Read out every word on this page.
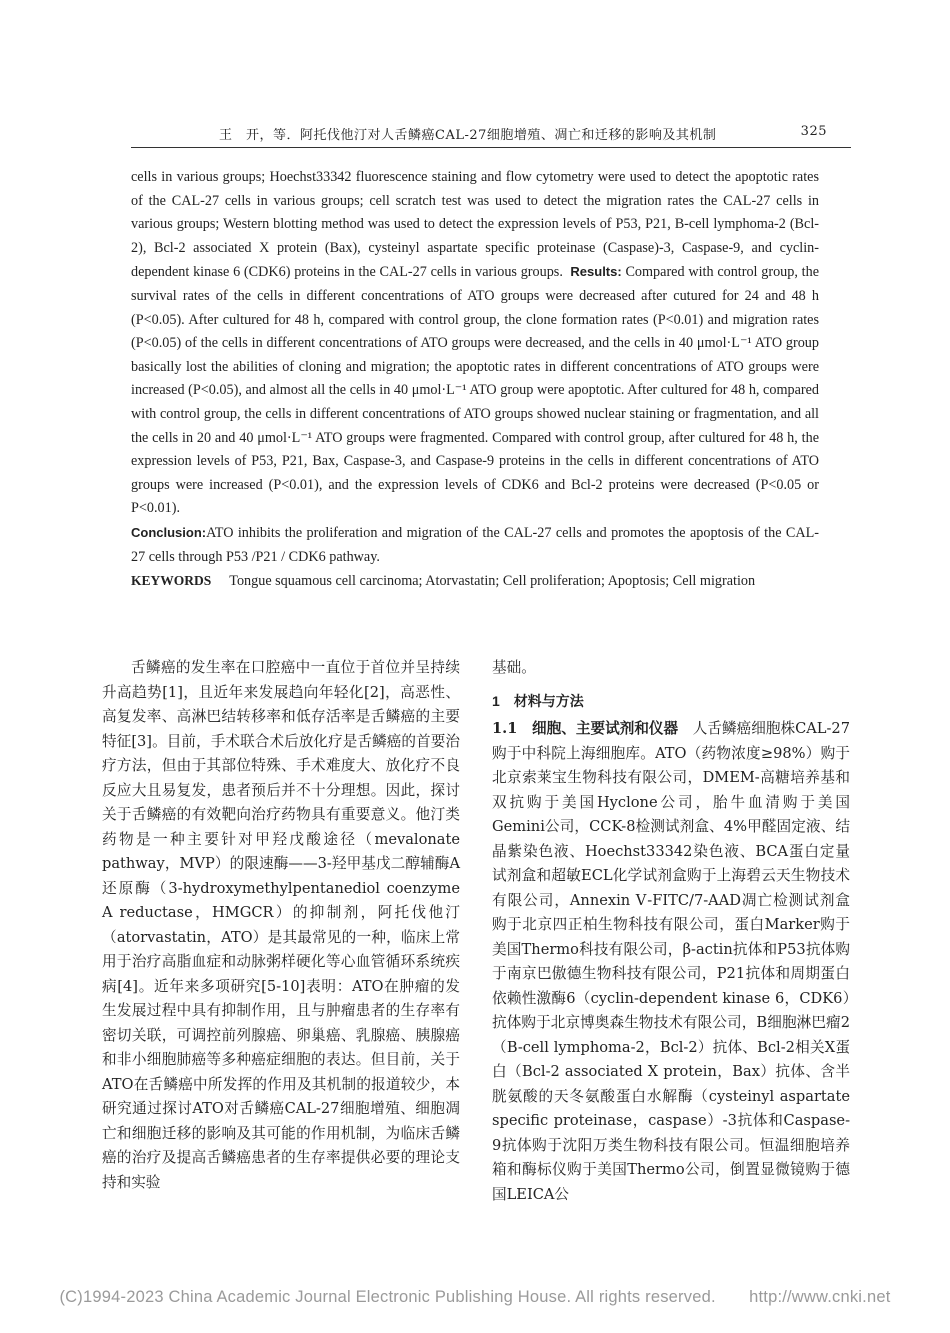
王　开，等．阿托伐他汀对人舌鳞癌CAL-27细胞增殖、凋亡和迁移的影响及其机制	325

cells in various groups; Hoechst33342 fluorescence staining and flow cytometry were used to detect the apoptotic rates of the CAL-27 cells in various groups; cell scratch test was used to detect the migration rates the CAL-27 cells in various groups; Western blotting method was used to detect the expression levels of P53, P21, B-cell lymphoma-2 (Bcl-2), Bcl-2 associated X protein (Bax), cysteinyl aspartate specific proteinase (Caspase)-3, Caspase-9, and cyclin-dependent kinase 6 (CDK6) proteins in the CAL-27 cells in various groups. Results: Compared with control group, the survival rates of the cells in different concentrations of ATO groups were decreased after cutured for 24 and 48 h (P<0.05). After cultured for 48 h, compared with control group, the clone formation rates (P<0.01) and migration rates (P<0.05) of the cells in different concentrations of ATO groups were decreased, and the cells in 40 μmol·L⁻¹ ATO group basically lost the abilities of cloning and migration; the apoptotic rates in different concentrations of ATO groups were increased (P<0.05), and almost all the cells in 40 μmol·L⁻¹ ATO group were apoptotic. After cultured for 48 h, compared with control group, the cells in different concentrations of ATO groups showed nuclear staining or fragmentation, and all the cells in 20 and 40 μmol·L⁻¹ ATO groups were fragmented. Compared with control group, after cultured for 48 h, the expression levels of P53, P21, Bax, Caspase-3, and Caspase-9 proteins in the cells in different concentrations of ATO groups were increased (P<0.01), and the expression levels of CDK6 and Bcl-2 proteins were decreased (P<0.05 or P<0.01).

Conclusion:ATO inhibits the proliferation and migration of the CAL-27 cells and promotes the apoptosis of the CAL-27 cells through P53 /P21 / CDK6 pathway.

KEYWORDS Tongue squamous cell carcinoma; Atorvastatin; Cell proliferation; Apoptosis; Cell migration

舌鳞癌的发生率在口腔癌中一直位于首位并呈持续升高趋势[1]，且近年来发展趋向年轻化[2]，高恶性、高复发率、高淋巴结转移率和低存活率是舌鳞癌的主要特征[3]。目前，手术联合术后放化疗是舌鳞癌的首要治疗方法，但由于其部位特殊、手术难度大、放化疗不良反应大且易复发，患者预后并不十分理想。因此，探讨关于舌鳞癌的有效靶向治疗药物具有重要意义。他汀类药物是一种主要针对甲羟戊酸途径（mevalonate pathway，MVP）的限速酶——3-羟甲基戊二醇辅酶A还原酶（3-hydroxymethylpentanediol coenzyme A reductase，HMGCR）的抑制剂，阿托伐他汀（atorvastatin，ATO）是其最常见的一种，临床上常用于治疗高脂血症和动脉粥样硬化等心血管循环系统疾病[4]。近年来多项研究[5-10]表明：ATO在肿瘤的发生发展过程中具有抑制作用，且与肿瘤患者的生存率有密切关联，可调控前列腺癌、卵巢癌、乳腺癌、胰腺癌和非小细胞肺癌等多种癌症细胞的表达。但目前，关于ATO在舌鳞癌中所发挥的作用及其机制的报道较少，本研究通过探讨ATO对舌鳞癌CAL-27细胞增殖、细胞凋亡和细胞迁移的影响及其可能的作用机制，为临床舌鳞癌的治疗及提高舌鳞癌患者的生存率提供必要的理论支持和实验

基础。

1　材料与方法

1.1　细胞、主要试剂和仪器　 人舌鳞癌细胞株CAL-27购于中科院上海细胞库。ATO（药物浓度≥98%）购于北京索莱宝生物科技有限公司，DMEM-高糖培养基和双抗购于美国Hyclone公司，胎牛血清购于美国Gemini公司，CCK-8检测试剂盒、4%甲醛固定液、结晶紫染色液、Hoechst33342染色液、BCA蛋白定量试剂盒和超敏ECL化学试剂盒购于上海碧云天生物技术有限公司，Annexin Ⅴ-FITC/7-AAD凋亡检测试剂盒购于北京四正柏生物科技有限公司，蛋白Marker购于美国Thermo科技有限公司，β-actin抗体和P53抗体购于南京巴傲德生物科技有限公司，P21抗体和周期蛋白依赖性激酶6（cyclin-dependent kinase 6，CDK6）抗体购于北京博奥森生物技术有限公司，B细胞淋巴瘤2（B-cell lymphoma-2，Bcl-2）抗体、Bcl-2相关X蛋白（Bcl-2 associated X protein，Bax）抗体、含半胱氨酸的天冬氨酸蛋白水解酶（cysteinyl aspartate specific proteinase，caspase）-3抗体和Caspase-9抗体购于沈阳万类生物科技有限公司。恒温细胞培养箱和酶标仪购于美国Thermo公司，倒置显微镜购于德国LEICA公

(C)1994-2023 China Academic Journal Electronic Publishing House. All rights reserved.　　http://www.cnki.net
